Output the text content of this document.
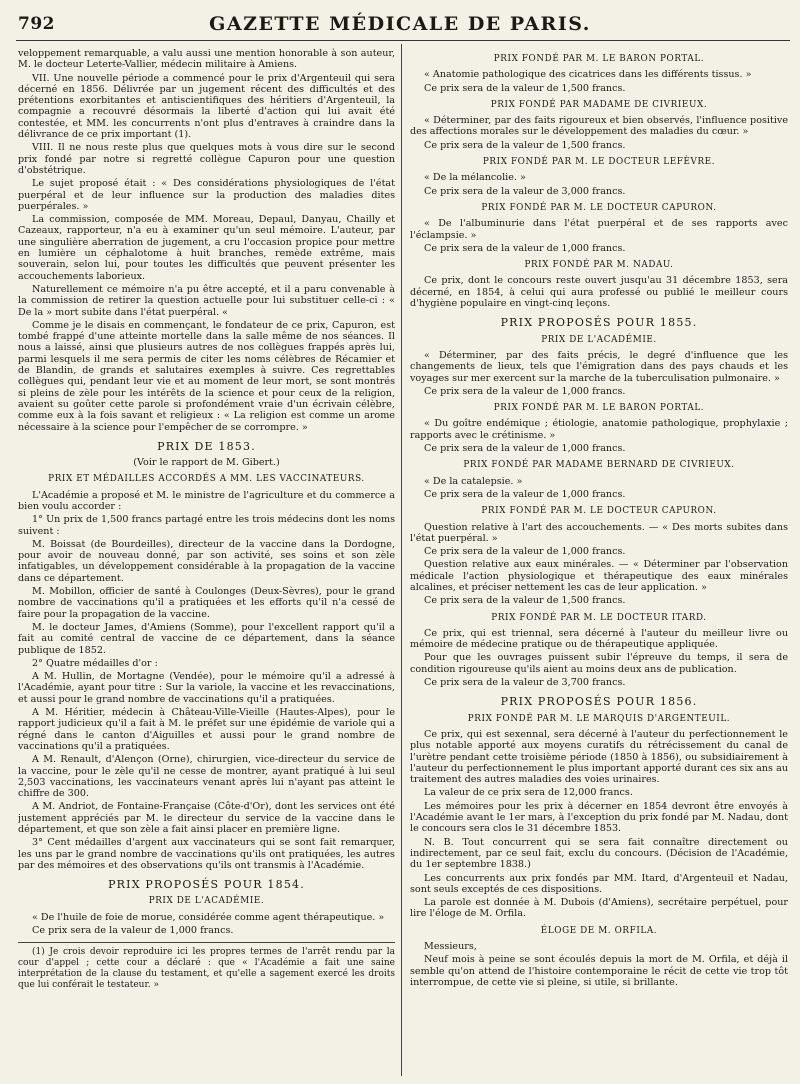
792	GAZETTE MÉDICALE DE PARIS.

veloppement remarquable, a valu aussi une mention honorable à son auteur, M. le docteur Leterte-Vallier, médecin militaire à Amiens.

VII. Une nouvelle période a commencé pour le prix d'Argenteuil qui sera décerné en 1856. Délivrée par un jugement récent des difficultés et des prétentions exorbitantes et antiscientifiques des héritiers d'Argenteuil, la compagnie a recouvré désormais la liberté d'action qui lui avait été contestée, et MM. les concurrents n'ont plus d'entraves à craindre dans la délivrance de ce prix important (1).

VIII. Il ne nous reste plus que quelques mots à vous dire sur le second prix fondé par notre si regretté collègue Capuron pour une question d'obstétrique.

Le sujet proposé était : « Des considérations physiologiques de l'état puerpéral et de leur influence sur la production des maladies dites puerpérales. »

La commission, composée de MM. Moreau, Depaul, Danyau, Chailly et Cazeaux, rapporteur, n'a eu à examiner qu'un seul mémoire. L'auteur, par une singulière aberration de jugement, a cru l'occasion propice pour mettre en lumière un céphalotome à huit branches, remède extrême, mais souverain, selon lui, pour toutes les difficultés que peuvent présenter les accouchements laborieux.

Naturellement ce mémoire n'a pu être accepté, et il a paru convenable à la commission de retirer la question actuelle pour lui substituer celle-ci : « De la » mort subite dans l'état puerpéral. «

Comme je le disais en commençant, le fondateur de ce prix, Capuron, est tombé frappé d'une atteinte mortelle dans la salle même de nos séances. Il nous a laissé, ainsi que plusieurs autres de nos collègues frappés après lui, parmi lesquels il me sera permis de citer les noms célèbres de Récamier et de Blandin, de grands et salutaires exemples à suivre. Ces regrettables collègues qui, pendant leur vie et au moment de leur mort, se sont montrés si pleins de zèle pour les intérêts de la science et pour ceux de la religion, avaient su goûter cette parole si profondément vraie d'un écrivain célèbre, comme eux à la fois savant et religieux : « La religion est comme un arome nécessaire à la science pour l'empêcher de se corrompre. »

PRIX DE 1853.
(Voir le rapport de M. Gibert.)
PRIX ET MÉDAILLES ACCORDÉS A MM. LES VACCINATEURS.

L'Académie a proposé et M. le ministre de l'agriculture et du commerce a bien voulu accorder :

1° Un prix de 1,500 francs partagé entre les trois médecins dont les noms suivent :

M. Boissat (de Bourdeilles), directeur de la vaccine dans la Dordogne, pour avoir de nouveau donné, par son activité, ses soins et son zèle infatigables, un développement considérable à la propagation de la vaccine dans ce département.

M. Mobillon, officier de santé à Coulonges (Deux-Sèvres), pour le grand nombre de vaccinations qu'il a pratiquées et les efforts qu'il n'a cessé de faire pour la propagation de la vaccine.

M. le docteur James, d'Amiens (Somme), pour l'excellent rapport qu'il a fait au comité central de vaccine de ce département, dans la séance publique de 1852.

2° Quatre médailles d'or :

A M. Hullin, de Mortagne (Vendée), pour le mémoire qu'il a adressé à l'Académie, ayant pour titre : Sur la variole, la vaccine et les revaccinations, et aussi pour le grand nombre de vaccinations qu'il a pratiquées.

A M. Héritier, médecin à Château-Ville-Vieille (Hautes-Alpes), pour le rapport judicieux qu'il a fait à M. le préfet sur une épidémie de variole qui a régné dans le canton d'Aiguilles et aussi pour le grand nombre de vaccinations qu'il a pratiquées.

A M. Renault, d'Alençon (Orne), chirurgien, vice-directeur du service de la vaccine, pour le zèle qu'il ne cesse de montrer, ayant pratiqué à lui seul 2,503 vaccinations, les vaccinateurs venant après lui n'ayant pas atteint le chiffre de 300.

A M. Andriot, de Fontaine-Française (Côte-d'Or), dont les services ont été justement appréciés par M. le directeur du service de la vaccine dans le département, et que son zèle a fait ainsi placer en première ligne.

3° Cent médailles d'argent aux vaccinateurs qui se sont fait remarquer, les uns par le grand nombre de vaccinations qu'ils ont pratiquées, les autres par des mémoires et des observations qu'ils ont transmis à l'Académie.

PRIX PROPOSÉS POUR 1854.
PRIX DE L'ACADÉMIE.

« De l'huile de foie de morue, considérée comme agent thérapeutique. »

Ce prix sera de la valeur de 1,000 francs.

(1) Je crois devoir reproduire ici les propres termes de l'arrêt rendu par la cour d'appel ; cette cour a déclaré : que « l'Académie a fait une saine interprétation de la clause du testament, et qu'elle a sagement exercé les droits que lui conférait le testateur. »

PRIX FONDÉ PAR M. LE BARON PORTAL.

« Anatomie pathologique des cicatrices dans les différents tissus. »

Ce prix sera de la valeur de 1,500 francs.

PRIX FONDÉ PAR MADAME DE CIVRIEUX.

« Déterminer, par des faits rigoureux et bien observés, l'influence positive des affections morales sur le développement des maladies du cœur. »

Ce prix sera de la valeur de 1,500 francs.

PRIX FONDÉ PAR M. LE DOCTEUR LEFÈVRE.

« De la mélancolie. »

Ce prix sera de la valeur de 3,000 francs.

PRIX FONDÉ PAR M. LE DOCTEUR CAPURON.

« De l'albuminurie dans l'état puerpéral et de ses rapports avec l'éclampsie. »

Ce prix sera de la valeur de 1,000 francs.

PRIX FONDÉ PAR M. NADAU.

Ce prix, dont le concours reste ouvert jusqu'au 31 décembre 1853, sera décerné, en 1854, à celui qui aura professé ou publié le meilleur cours d'hygiène populaire en vingt-cinq leçons.

PRIX PROPOSÉS POUR 1855.
PRIX DE L'ACADÉMIE.

« Déterminer, par des faits précis, le degré d'influence que les changements de lieux, tels que l'émigration dans des pays chauds et les voyages sur mer exercent sur la marche de la tuberculisation pulmonaire. »

Ce prix sera de la valeur de 1,000 francs.

PRIX FONDÉ PAR M. LE BARON PORTAL.

« Du goître endémique ; étiologie, anatomie pathologique, prophylaxie ; rapports avec le crétinisme. »

Ce prix sera de la valeur de 1,000 francs.

PRIX FONDÉ PAR MADAME BERNARD DE CIVRIEUX.

« De la catalepsie. »

Ce prix sera de la valeur de 1,000 francs.

PRIX FONDÉ PAR M. LE DOCTEUR CAPURON.

Question relative à l'art des accouchements. — « Des morts subites dans l'état puerpéral. »

Ce prix sera de la valeur de 1,000 francs.

Question relative aux eaux minérales. — « Déterminer par l'observation médicale l'action physiologique et thérapeutique des eaux minérales alcalines, et préciser nettement les cas de leur application. »

Ce prix sera de la valeur de 1,500 francs.

PRIX FONDÉ PAR M. LE DOCTEUR ITARD.

Ce prix, qui est triennal, sera décerné à l'auteur du meilleur livre ou mémoire de médecine pratique ou de thérapeutique appliquée.

Pour que les ouvrages puissent subir l'épreuve du temps, il sera de condition rigoureuse qu'ils aient au moins deux ans de publication.

Ce prix sera de la valeur de 3,700 francs.

PRIX PROPOSÉS POUR 1856.
PRIX FONDÉ PAR M. LE MARQUIS D'ARGENTEUIL.

Ce prix, qui est sexennal, sera décerné à l'auteur du perfectionnement le plus notable apporté aux moyens curatifs du rétrécissement du canal de l'urètre pendant cette troisième période (1850 à 1856), ou subsidiairement à l'auteur du perfectionnement le plus important apporté durant ces six ans au traitement des autres maladies des voies urinaires.

La valeur de ce prix sera de 12,000 francs.

Les mémoires pour les prix à décerner en 1854 devront être envoyés à l'Académie avant le 1er mars, à l'exception du prix fondé par M. Nadau, dont le concours sera clos le 31 décembre 1853.

N. B. Tout concurrent qui se sera fait connaître directement ou indirectement, par ce seul fait, exclu du concours. (Décision de l'Académie, du 1er septembre 1838.)

Les concurrents aux prix fondés par MM. Itard, d'Argenteuil et Nadau, sont seuls exceptés de ces dispositions.

La parole est donnée à M. Dubois (d'Amiens), secrétaire perpétuel, pour lire l'éloge de M. Orfila.

ÉLOGE DE M. ORFILA.

Messieurs,

Neuf mois à peine se sont écoulés depuis la mort de M. Orfila, et déjà il semble qu'on attend de l'histoire contemporaine le récit de cette vie trop tôt interrompue, de cette vie si pleine, si utile, si brillante.
